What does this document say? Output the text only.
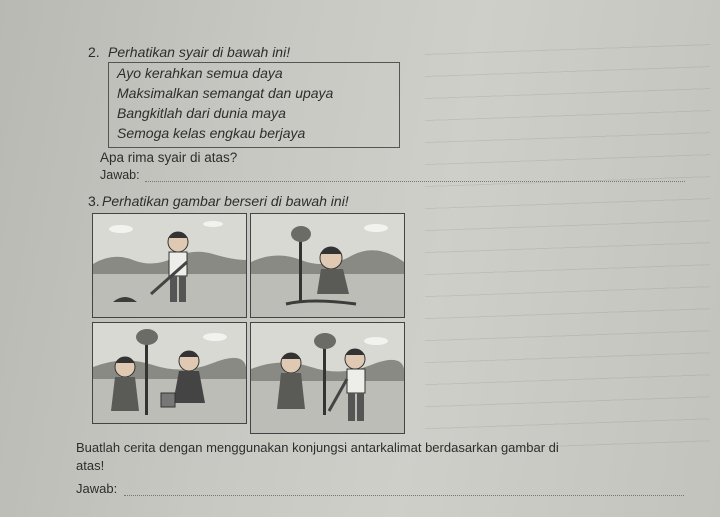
2. Perhatikan syair di bawah ini!
Ayo kerahkan semua daya
Maksimalkan semangat dan upaya
Bangkitlah dari dunia maya
Semoga kelas engkau berjaya
Apa rima syair di atas?
Jawab:
3. Perhatikan gambar berseri di bawah ini!
Buatlah cerita dengan menggunakan konjungsi antarkalimat berdasarkan gambar di
atas!
Jawab:
